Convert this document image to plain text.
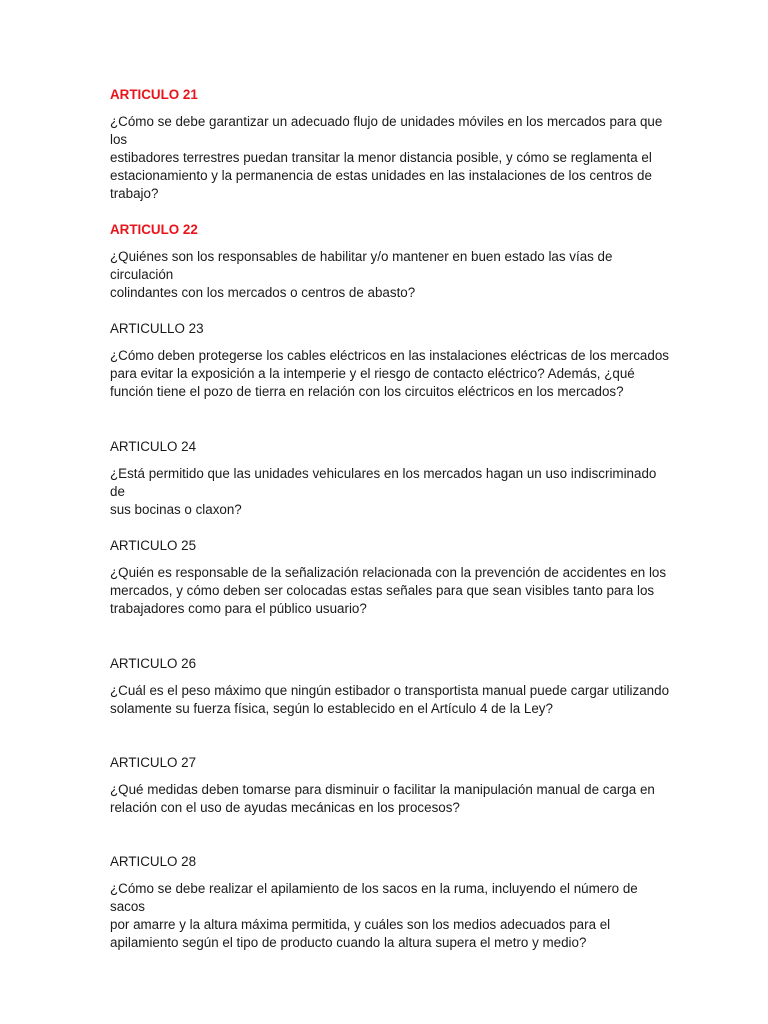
ARTICULO 21

¿Cómo se debe garantizar un adecuado flujo de unidades móviles en los mercados para que los
estibadores terrestres puedan transitar la menor distancia posible, y cómo se reglamenta el
estacionamiento y la permanencia de estas unidades en las instalaciones de los centros de
trabajo?

ARTICULO 22

¿Quiénes son los responsables de habilitar y/o mantener en buen estado las vías de circulación
colindantes con los mercados o centros de abasto?

ARTICULLO 23

¿Cómo deben protegerse los cables eléctricos en las instalaciones eléctricas de los mercados
para evitar la exposición a la intemperie y el riesgo de contacto eléctrico? Además, ¿qué
función tiene el pozo de tierra en relación con los circuitos eléctricos en los mercados?

ARTICULO 24

¿Está permitido que las unidades vehiculares en los mercados hagan un uso indiscriminado de
sus bocinas o claxon?

ARTICULO 25

¿Quién es responsable de la señalización relacionada con la prevención de accidentes en los
mercados, y cómo deben ser colocadas estas señales para que sean visibles tanto para los
trabajadores como para el público usuario?

ARTICULO 26

¿Cuál es el peso máximo que ningún estibador o transportista manual puede cargar utilizando
solamente su fuerza física, según lo establecido en el Artículo 4 de la Ley?

ARTICULO 27

¿Qué medidas deben tomarse para disminuir o facilitar la manipulación manual de carga en
relación con el uso de ayudas mecánicas en los procesos?

ARTICULO 28

¿Cómo se debe realizar el apilamiento de los sacos en la ruma, incluyendo el número de sacos
por amarre y la altura máxima permitida, y cuáles son los medios adecuados para el
apilamiento según el tipo de producto cuando la altura supera el metro y medio?
